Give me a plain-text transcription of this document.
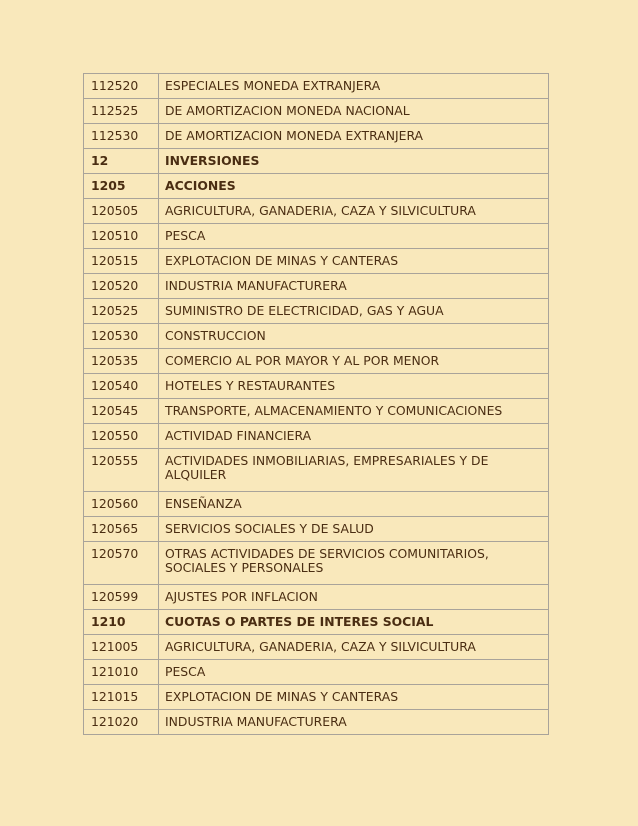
112520	ESPECIALES MONEDA EXTRANJERA
112525	DE AMORTIZACION MONEDA NACIONAL
112530	DE AMORTIZACION MONEDA EXTRANJERA
12	INVERSIONES
1205	ACCIONES
120505	AGRICULTURA, GANADERIA, CAZA Y SILVICULTURA
120510	PESCA
120515	EXPLOTACION DE MINAS Y CANTERAS
120520	INDUSTRIA MANUFACTURERA
120525	SUMINISTRO DE ELECTRICIDAD, GAS Y AGUA
120530	CONSTRUCCION
120535	COMERCIO AL POR MAYOR Y AL POR MENOR
120540	HOTELES Y RESTAURANTES
120545	TRANSPORTE, ALMACENAMIENTO Y COMUNICACIONES
120550	ACTIVIDAD FINANCIERA
120555	ACTIVIDADES INMOBILIARIAS, EMPRESARIALES Y DE ALQUILER
120560	ENSEÑANZA
120565	SERVICIOS SOCIALES Y DE SALUD
120570	OTRAS ACTIVIDADES DE SERVICIOS COMUNITARIOS, SOCIALES Y PERSONALES
120599	AJUSTES POR INFLACION
1210	CUOTAS O PARTES DE INTERES SOCIAL
121005	AGRICULTURA, GANADERIA, CAZA Y SILVICULTURA
121010	PESCA
121015	EXPLOTACION DE MINAS Y CANTERAS
121020	INDUSTRIA MANUFACTURERA
